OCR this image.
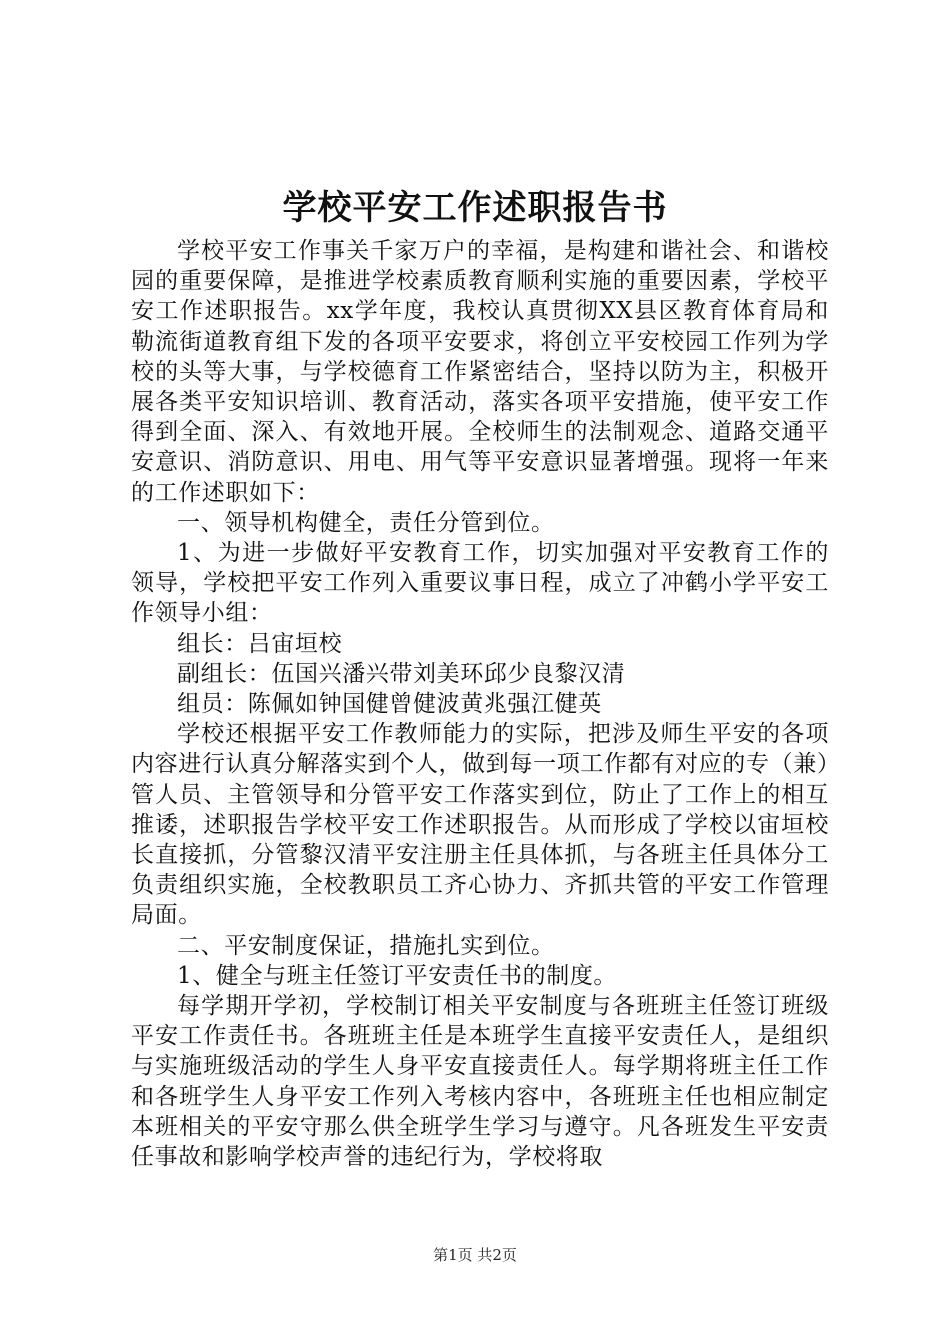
学校平安工作述职报告书

学校平安工作事关千家万户的幸福，是构建和谐社会、和谐校园的重要保障，是推进学校素质教育顺利实施的重要因素，学校平安工作述职报告。xx学年度，我校认真贯彻XX县区教育体育局和勒流街道教育组下发的各项平安要求，将创立平安校园工作列为学校的头等大事，与学校德育工作紧密结合，坚持以防为主，积极开展各类平安知识培训、教育活动，落实各项平安措施，使平安工作得到全面、深入、有效地开展。全校师生的法制观念、道路交通平安意识、消防意识、用电、用气等平安意识显著增强。现将一年来的工作述职如下：

一、领导机构健全，责任分管到位。

1、为进一步做好平安教育工作，切实加强对平安教育工作的领导，学校把平安工作列入重要议事日程，成立了冲鹤小学平安工作领导小组：

组长：吕宙垣校

副组长：伍国兴潘兴带刘美环邱少良黎汉清

组员：陈佩如钟国健曾健波黄兆强江健英

学校还根据平安工作教师能力的实际，把涉及师生平安的各项内容进行认真分解落实到个人，做到每一项工作都有对应的专（兼）管人员、主管领导和分管平安工作落实到位，防止了工作上的相互推诿，述职报告学校平安工作述职报告。从而形成了学校以宙垣校长直接抓，分管黎汉清平安注册主任具体抓，与各班主任具体分工负责组织实施，全校教职员工齐心协力、齐抓共管的平安工作管理局面。

二、平安制度保证，措施扎实到位。

1、健全与班主任签订平安责任书的制度。

每学期开学初，学校制订相关平安制度与各班班主任签订班级平安工作责任书。各班班主任是本班学生直接平安责任人，是组织与实施班级活动的学生人身平安直接责任人。每学期将班主任工作和各班学生人身平安工作列入考核内容中，各班班主任也相应制定本班相关的平安守那么供全班学生学习与遵守。凡各班发生平安责任事故和影响学校声誉的违纪行为，学校将取

第1页 共2页
